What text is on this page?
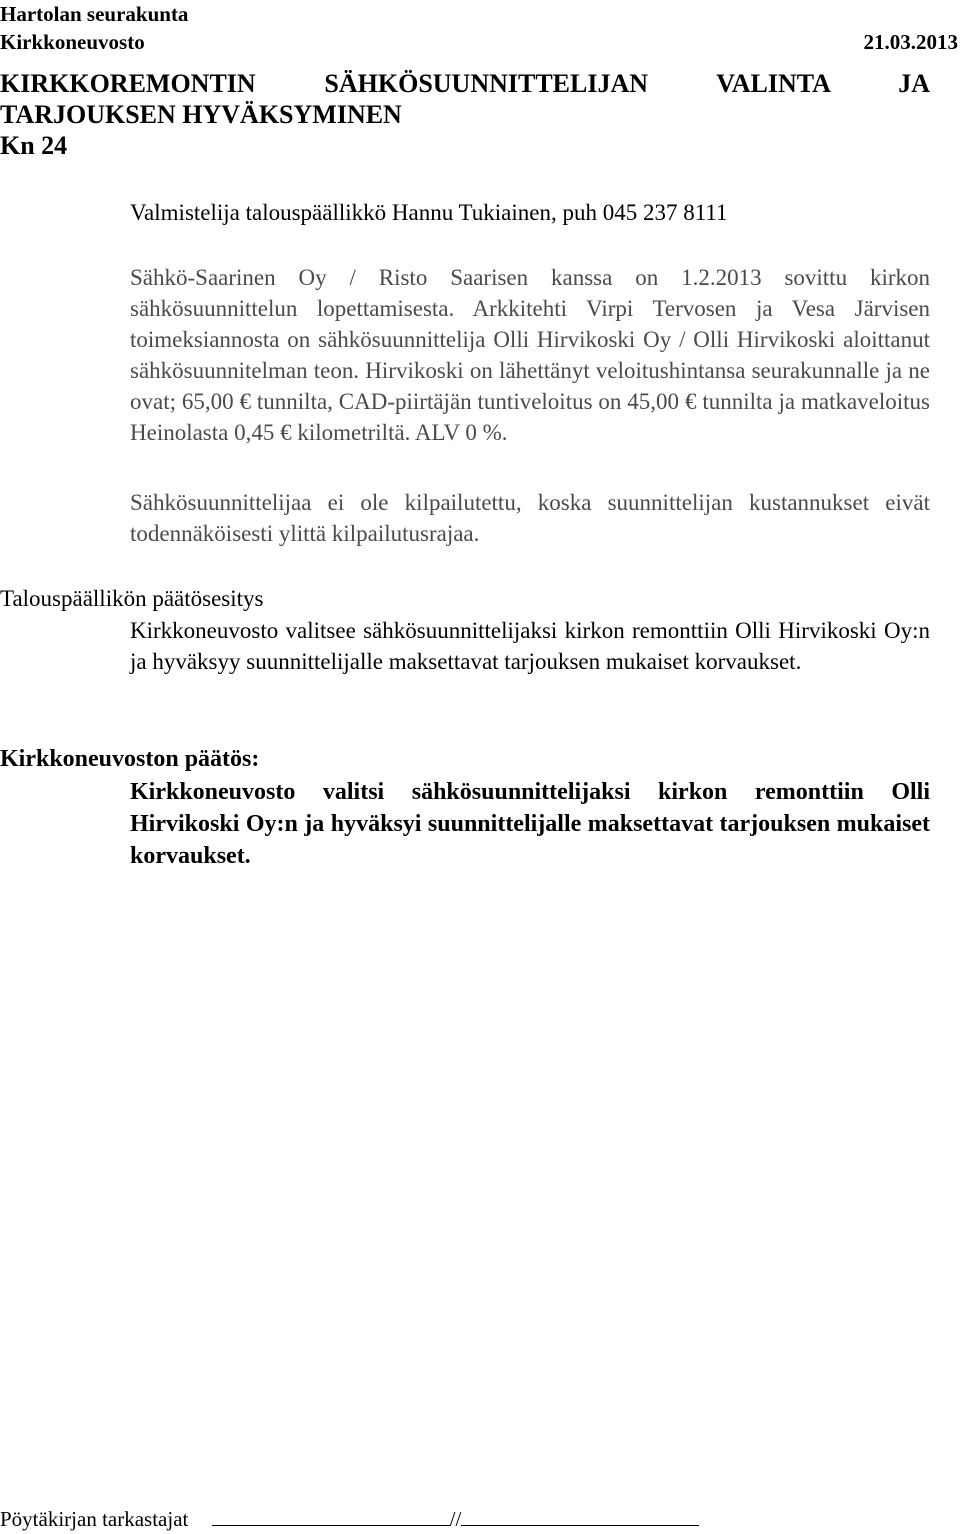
Hartolan seurakunta
Kirkkoneuvosto	21.03.2013
KIRKKOREMONTIN SÄHKÖSUUNNITTELIJAN VALINTA JA
TARJOUKSEN HYVÄKSYMINEN
Kn 24
Valmistelija talouspäällikkö Hannu Tukiainen, puh 045 237 8111
Sähkö-Saarinen Oy / Risto Saarisen kanssa on 1.2.2013 sovittu kirkon sähkösuunnittelun lopettamisesta. Arkkitehti Virpi Tervosen ja Vesa Järvisen toimeksiannosta on sähkösuunnittelija Olli Hirvikoski Oy / Olli Hirvikoski aloittanut sähkösuunnitelman teon. Hirvikoski on lähettänyt veloitushintansa seurakunnalle ja ne ovat; 65,00 € tunnilta, CAD-piirtäjän tuntiveloitus on 45,00 € tunnilta ja matkaveloitus Heinolasta 0,45 € kilometriltä. ALV 0 %.
Sähkösuunnittelijaa ei ole kilpailutettu, koska suunnittelijan kustannukset eivät todennäköisesti ylittä kilpailutusrajaa.
Talouspäällikön päätösesitys
Kirkkoneuvosto valitsee sähkösuunnittelijaksi kirkon remonttiin Olli Hirvikoski Oy:n ja hyväksyy suunnittelijalle maksettavat tarjouksen mukaiset korvaukset.
Kirkkoneuvoston päätös:
Kirkkoneuvosto valitsi sähkösuunnittelijaksi kirkon remonttiin Olli Hirvikoski Oy:n ja hyväksyi suunnittelijalle maksettavat tarjouksen mukaiset korvaukset.
Pöytäkirjan tarkastajat	//
